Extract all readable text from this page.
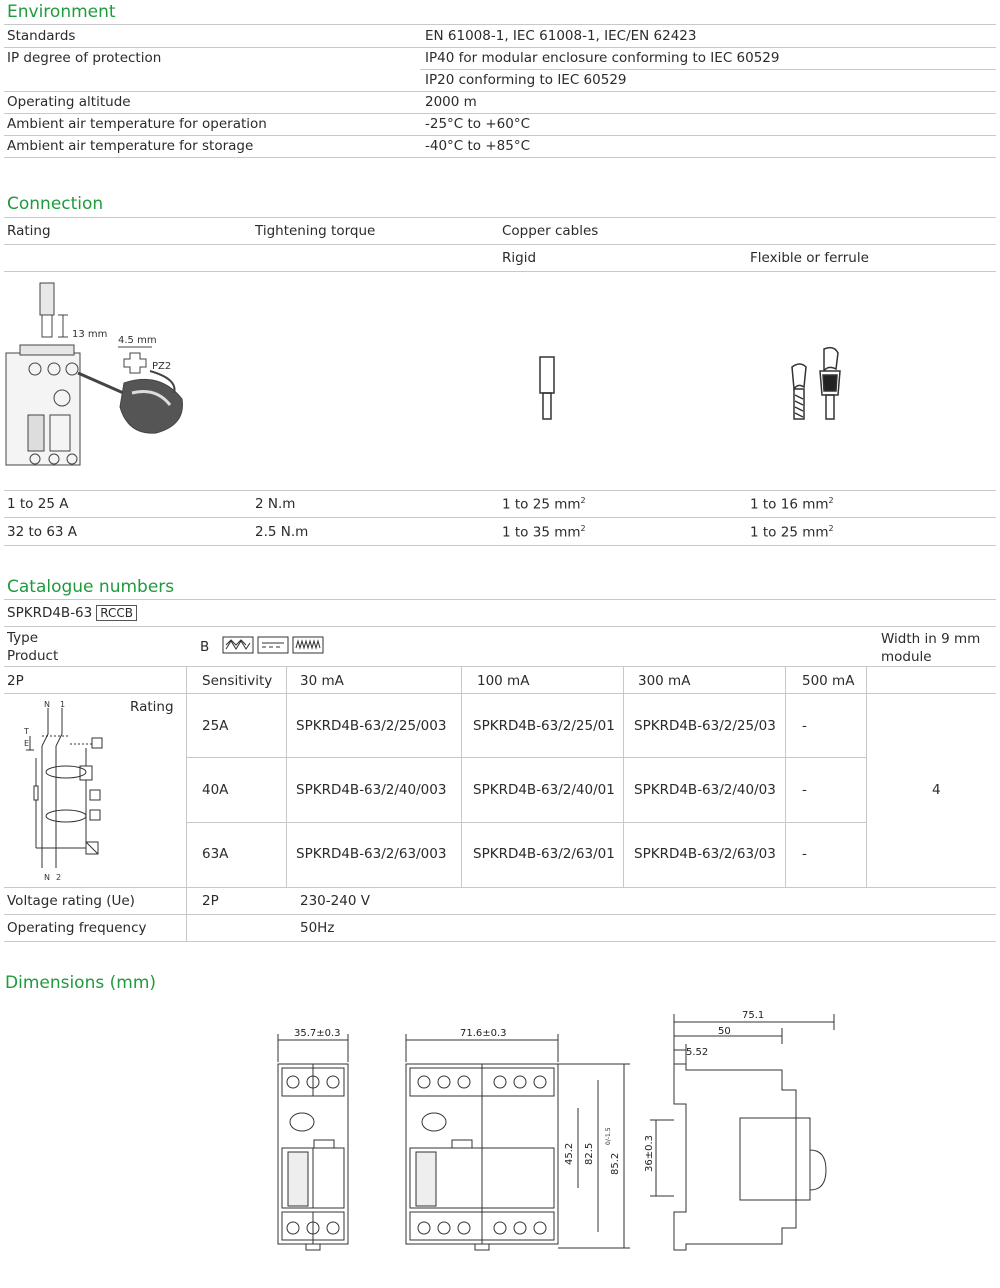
Environment
Standards	EN 61008-1, IEC 61008-1, IEC/EN 62423
IP degree of protection	IP40 for modular enclosure conforming to IEC 60529
IP20 conforming to IEC 60529
Operating altitude	2000 m
Ambient air temperature for operation	-25°C to +60°C
Ambient air temperature for storage	-40°C to +85°C
Connection
Rating	Tightening torque	Copper cables
Rigid	Flexible or ferrule
13 mm
4.5 mm
PZ2
1 to 25 A	2 N.m	1 to 25 $mm^2$	1 to 16 $mm^2$
32 to 63 A	2.5 N.m	1 to 35 $mm^2$	1 to 25 $mm^2$
Catalogue numbers
SPKRD4B-63 RCCB
Type
Product
B	Width in 9 mm module
2P	Sensitivity 30 mA	100 mA	300 mA	500 mA
Rating
N 1
T
E
N 2
25A	SPKRD4B-63/2/25/003 SPKRD4B-63/2/25/01 SPKRD4B-63/2/25/03 -
40A	SPKRD4B-63/2/40/003 SPKRD4B-63/2/40/01 SPKRD4B-63/2/40/03 -	4
63A	SPKRD4B-63/2/63/003 SPKRD4B-63/2/63/01 SPKRD4B-63/2/63/03 -
Voltage rating (Ue)	2P	230-240 V
Operating frequency	50Hz
Dimensions (mm)
35.7±0.3	71.6±0.3
45.2 82.5 85.2
0/-1.5	36±0.3
75.1
50
5.52
